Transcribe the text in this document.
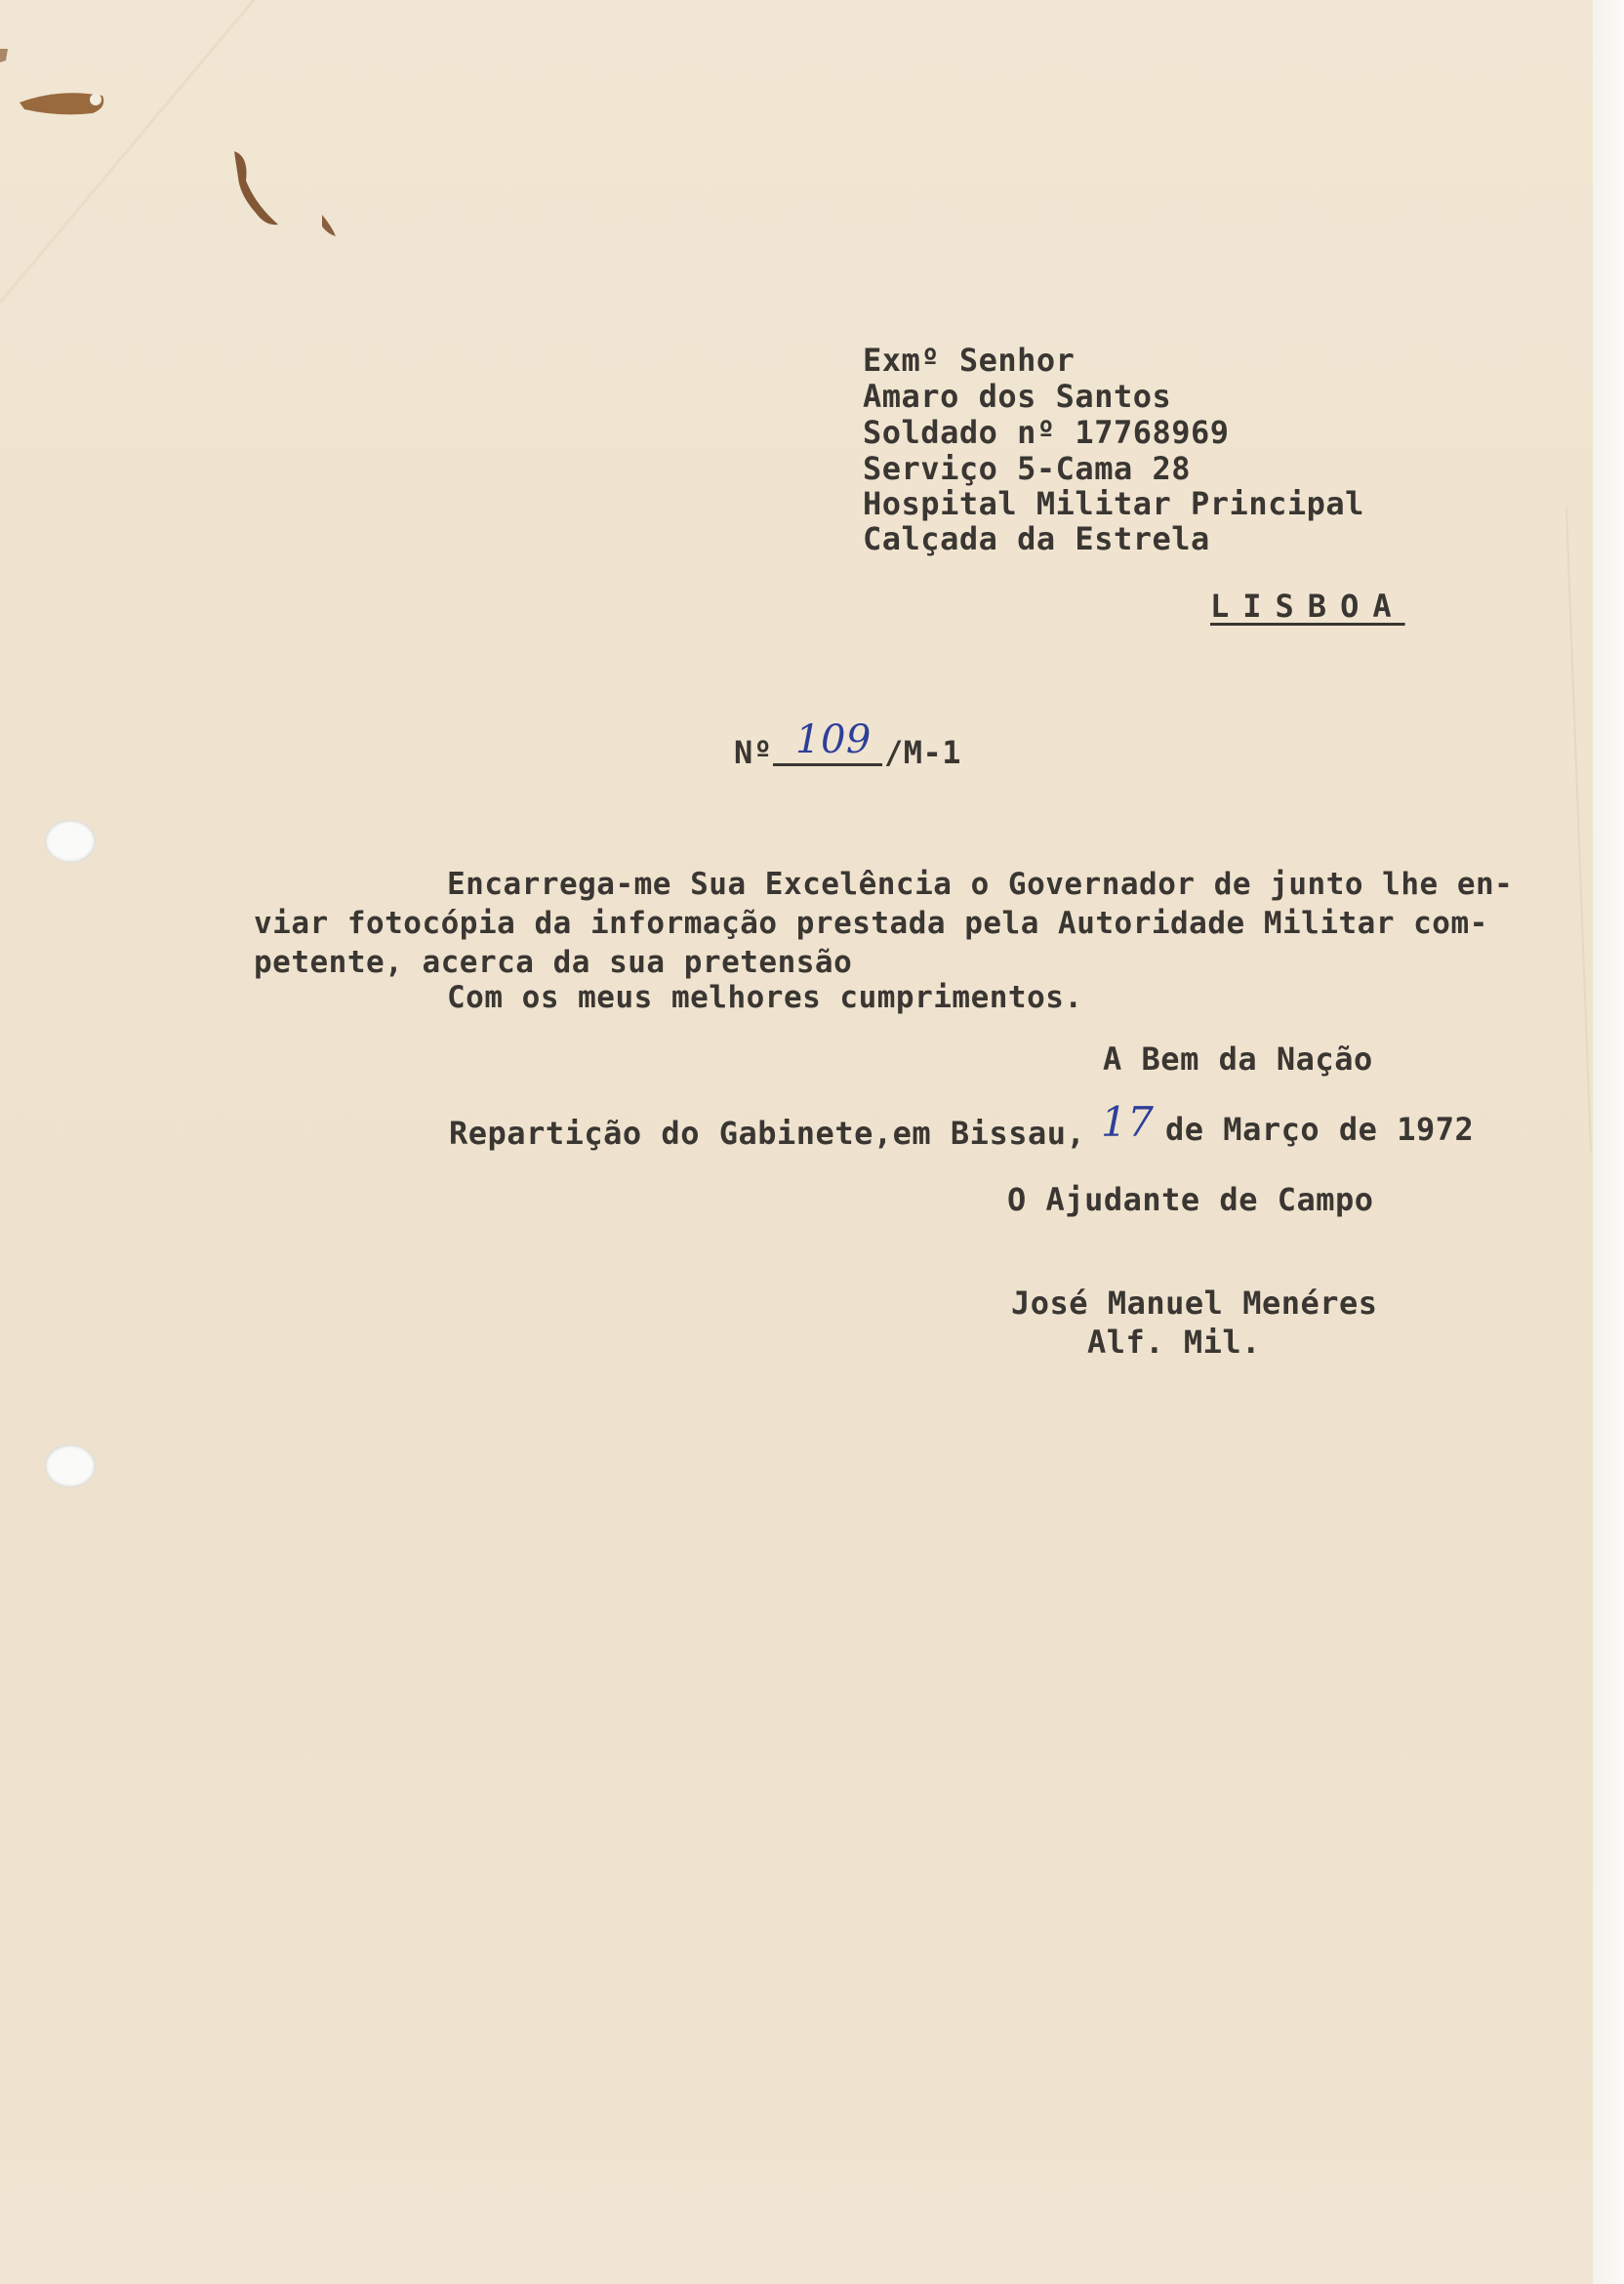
Exmº Senhor

Amaro dos Santos

Soldado nº 17768969

Serviço 5-Cama 28

Hospital Militar Principal

Calçada da Estrela

LISBOA

Nº 109 /M-1

Encarrega-me Sua Excelência o Governador de junto lhe en-

viar fotocópia da informação prestada pela Autoridade Militar com-

petente, acerca da sua pretensão

Com os meus melhores cumprimentos.

A Bem da Nação

Repartição do Gabinete,em Bissau, 17 de Março de 1972

O Ajudante de Campo

José Manuel Menéres

Alf. Mil.
